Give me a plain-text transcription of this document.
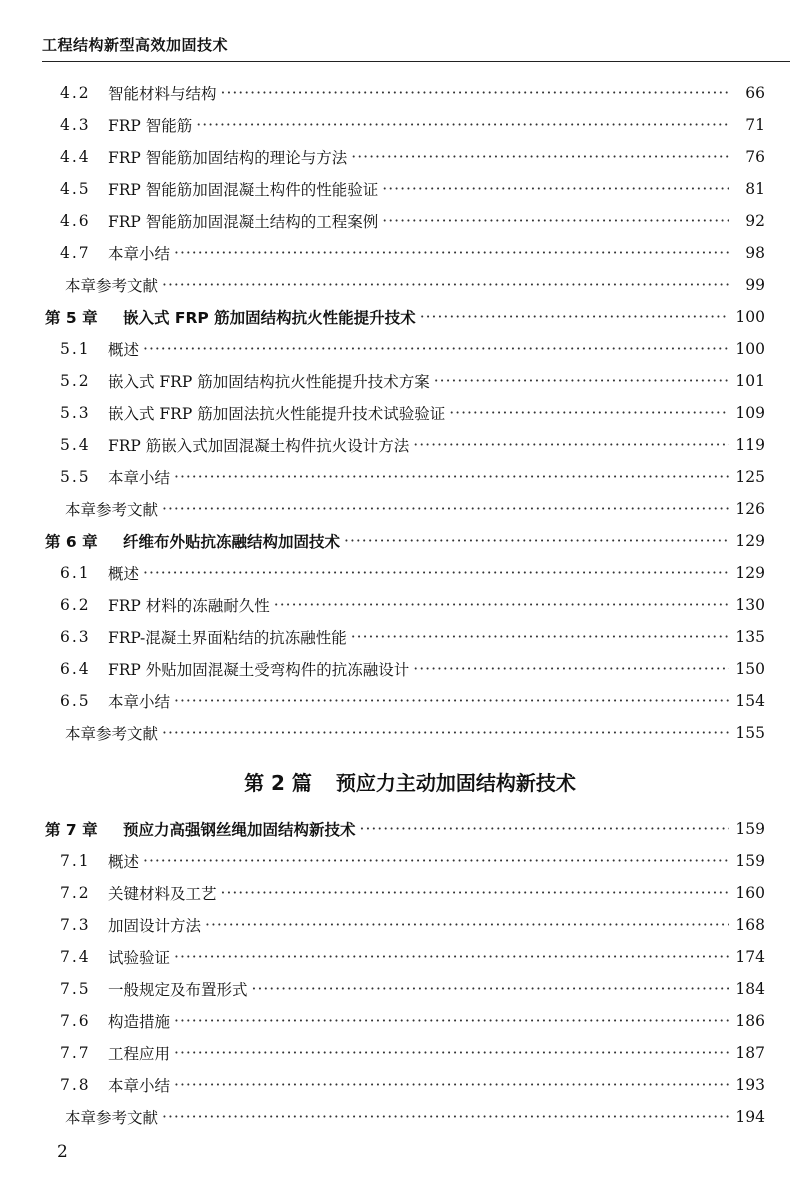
工程结构新型高效加固技术
4.2	智能材料与结构 ·····	66
4.3	FRP 智能筋 ·····	71
4.4	FRP 智能筋加固结构的理论与方法 ·····	76
4.5	FRP 智能筋加固混凝土构件的性能验证 ·····	81
4.6	FRP 智能筋加固混凝土结构的工程案例 ·····	92
4.7	本章小结 ·····	98
本章参考文献 ·····	99
第 5 章	嵌入式 FRP 筋加固结构抗火性能提升技术 ·····	100
5.1	概述 ·····	100
5.2	嵌入式 FRP 筋加固结构抗火性能提升技术方案 ·····	101
5.3	嵌入式 FRP 筋加固法抗火性能提升技术试验验证 ·····	109
5.4	FRP 筋嵌入式加固混凝土构件抗火设计方法 ·····	119
5.5	本章小结 ·····	125
本章参考文献 ·····	126
第 6 章	纤维布外贴抗冻融结构加固技术 ·····	129
6.1	概述 ·····	129
6.2	FRP 材料的冻融耐久性 ·····	130
6.3	FRP-混凝土界面粘结的抗冻融性能 ·····	135
6.4	FRP 外贴加固混凝土受弯构件的抗冻融设计 ·····	150
6.5	本章小结 ·····	154
本章参考文献 ·····	155
第 2 篇 预应力主动加固结构新技术
第 7 章	预应力高强钢丝绳加固结构新技术 ·····	159
7.1	概述 ·····	159
7.2	关键材料及工艺 ·····	160
7.3	加固设计方法 ·····	168
7.4	试验验证 ·····	174
7.5	一般规定及布置形式 ·····	184
7.6	构造措施 ·····	186
7.7	工程应用 ·····	187
7.8	本章小结 ·····	193
本章参考文献 ·····	194
2
